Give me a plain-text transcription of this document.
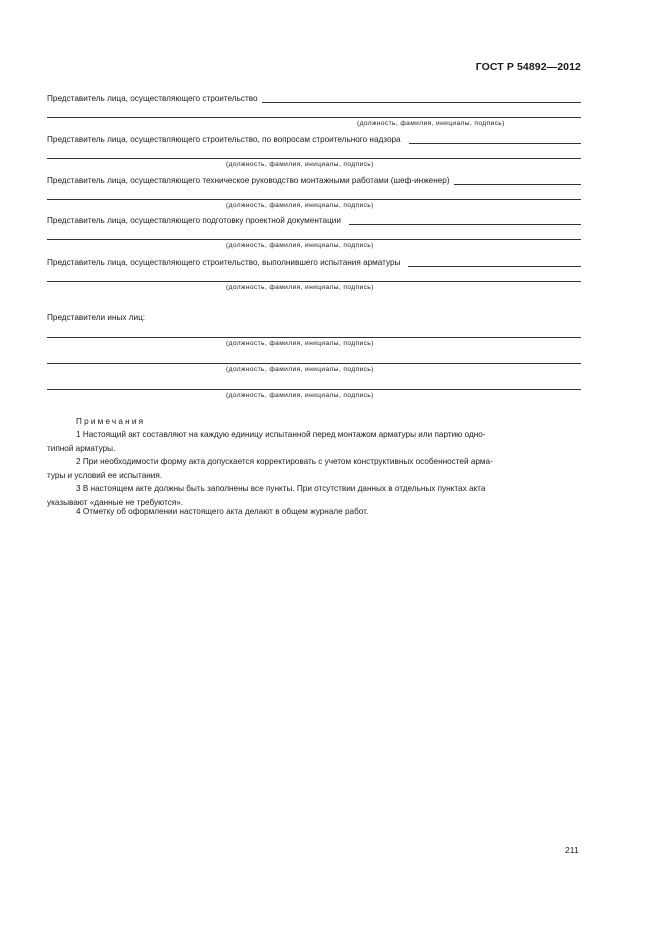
ГОСТ Р 54892—2012
Представитель лица, осуществляющего строительство
(должность, фамилия, инициалы, подпись)
Представитель лица, осуществляющего строительство, по вопросам строительного надзора
(должность, фамилия, инициалы, подпись)
Представитель лица, осуществляющего техническое руководство монтажными работами (шеф-инженер)
(должность, фамилия, инициалы, подпись)
Представитель лица, осуществляющего подготовку проектной документации
(должность, фамилия, инициалы, подпись)
Представитель лица, осуществляющего строительство, выполнившего испытания арматуры
(должность, фамилия, инициалы, подпись)
Представители иных лиц:
(должность, фамилия, инициалы, подпись)
(должность, фамилия, инициалы, подпись)
(должность, фамилия, инициалы, подпись)
Примечания
1 Настоящий акт составляют на каждую единицу испытанной перед монтажом арматуры или партию одно-
типной арматуры.
2 При необходимости форму акта допускается корректировать с учетом конструктивных особенностей арма-
туры и условий ее испытания.
3 В настоящем акте должны быть заполнены все пункты. При отсутствии данных в отдельных пунктах акта
указывают «данные не требуются».
4 Отметку об оформлении настоящего акта делают в общем журнале работ.
211
